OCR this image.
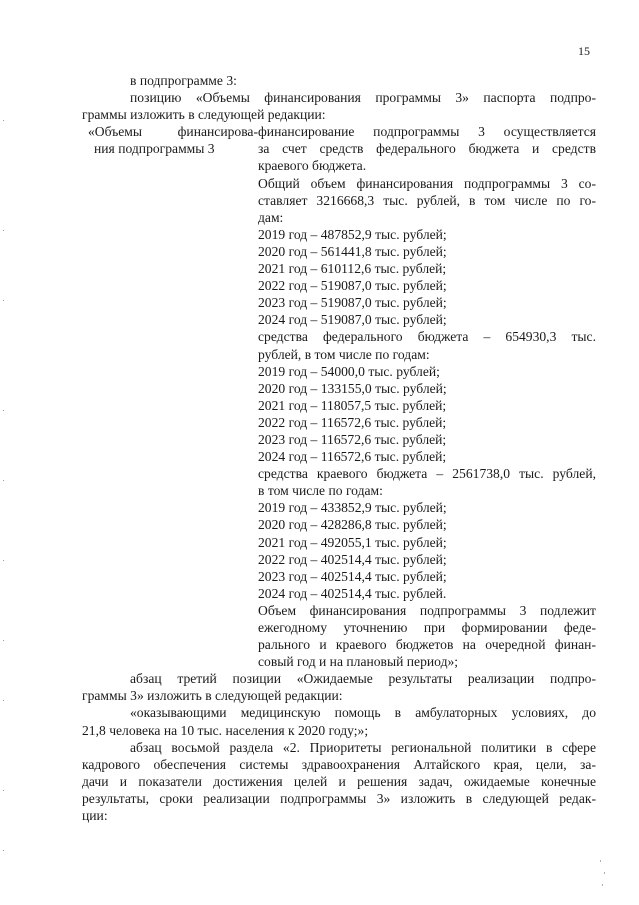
15

в подпрограмме 3:

позицию «Объемы финансирования программы 3» паспорта подпро-
граммы изложить в следующей редакции:

«Объемы финансирова-
ния подпрограммы 3
финансирование подпрограммы 3 осуществляется
за счет средств федерального бюджета и средств
краевого бюджета.
Общий объем финансирования подпрограммы 3 со-
ставляет 3216668,3 тыс. рублей, в том числе по го-
дам:
2019 год – 487852,9 тыс. рублей;
2020 год – 561441,8 тыс. рублей;
2021 год – 610112,6 тыс. рублей;
2022 год – 519087,0 тыс. рублей;
2023 год – 519087,0 тыс. рублей;
2024 год – 519087,0 тыс. рублей;
средства федерального бюджета – 654930,3 тыс.
рублей, в том числе по годам:
2019 год – 54000,0 тыс. рублей;
2020 год – 133155,0 тыс. рублей;
2021 год – 118057,5 тыс. рублей;
2022 год – 116572,6 тыс. рублей;
2023 год – 116572,6 тыс. рублей;
2024 год – 116572,6 тыс. рублей;
средства краевого бюджета – 2561738,0 тыс. рублей,
в том числе по годам:
2019 год – 433852,9 тыс. рублей;
2020 год – 428286,8 тыс. рублей;
2021 год – 492055,1 тыс. рублей;
2022 год – 402514,4 тыс. рублей;
2023 год – 402514,4 тыс. рублей;
2024 год – 402514,4 тыс. рублей.
Объем финансирования подпрограммы 3 подлежит
ежегодному уточнению при формировании феде-
рального и краевого бюджетов на очередной финан-
совый год и на плановый период»;

абзац третий позиции «Ожидаемые результаты реализации подпро-
граммы 3» изложить в следующей редакции:

«оказывающими медицинскую помощь в амбулаторных условиях, до
21,8 человека на 10 тыс. населения к 2020 году;»;

абзац восьмой раздела «2. Приоритеты региональной политики в сфере
кадрового обеспечения системы здравоохранения Алтайского края, цели, за-
дачи и показатели достижения целей и решения задач, ожидаемые конечные
результаты, сроки реализации подпрограммы 3» изложить в следующей редак-
ции:
